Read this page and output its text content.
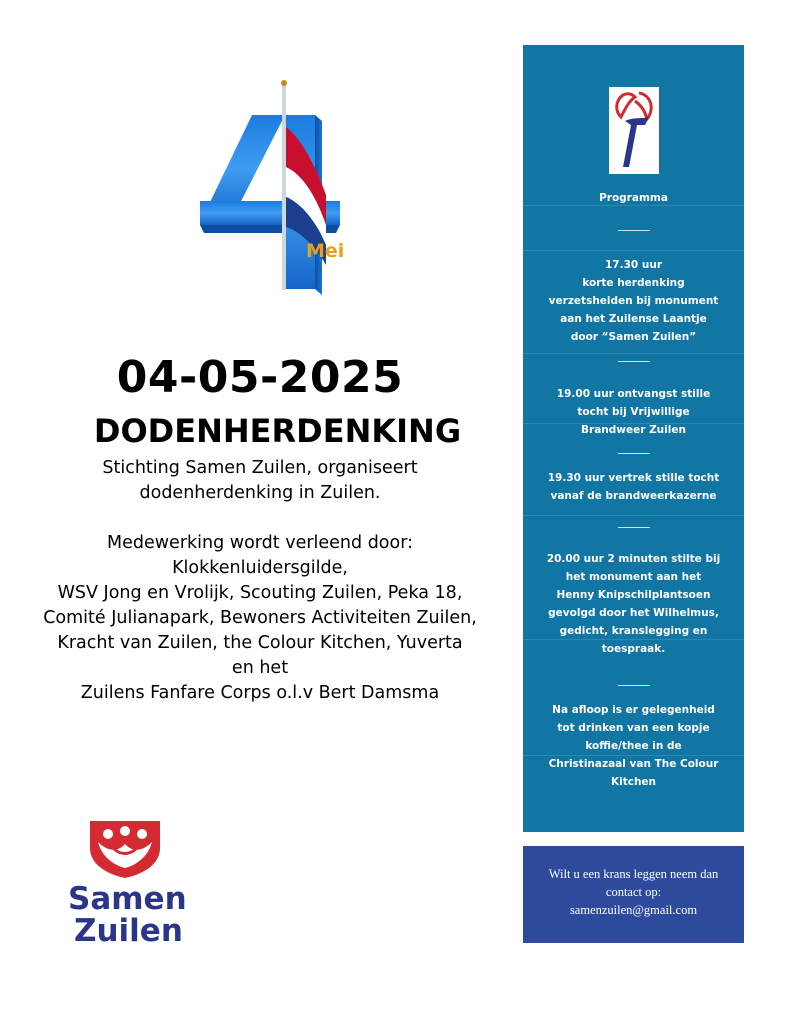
Mei
04-05-2025
DODENHERDENKING
Stichting Samen Zuilen, organiseert
dodenherdenking in Zuilen.
Medewerking wordt verleend door:
Klokkenluidersgilde,
WSV Jong en Vrolijk, Scouting Zuilen, Peka 18,
Comité Julianapark, Bewoners Activiteiten Zuilen,
Kracht van Zuilen, the Colour Kitchen, Yuverta
en het
Zuilens Fanfare Corps o.l.v Bert Damsma
Samen
Zuilen
Programma
17.30 uur
korte herdenking
verzetshelden bij monument
aan het Zuilense Laantje
door “Samen Zuilen”
19.00 uur ontvangst stille
tocht bij Vrijwillige
Brandweer Zuilen
19.30 uur vertrek stille tocht
vanaf de brandweerkazerne
20.00 uur 2 minuten stilte bij
het monument aan het
Henny Knipschilplantsoen
gevolgd door het Wilhelmus,
gedicht, kranslegging en
toespraak.
Na afloop is er gelegenheid
tot drinken van een kopje
koffie/thee in de
Christinazaal van The Colour
Kitchen
Wilt u een krans leggen neem dan
contact op:
samenzuilen@gmail.com
